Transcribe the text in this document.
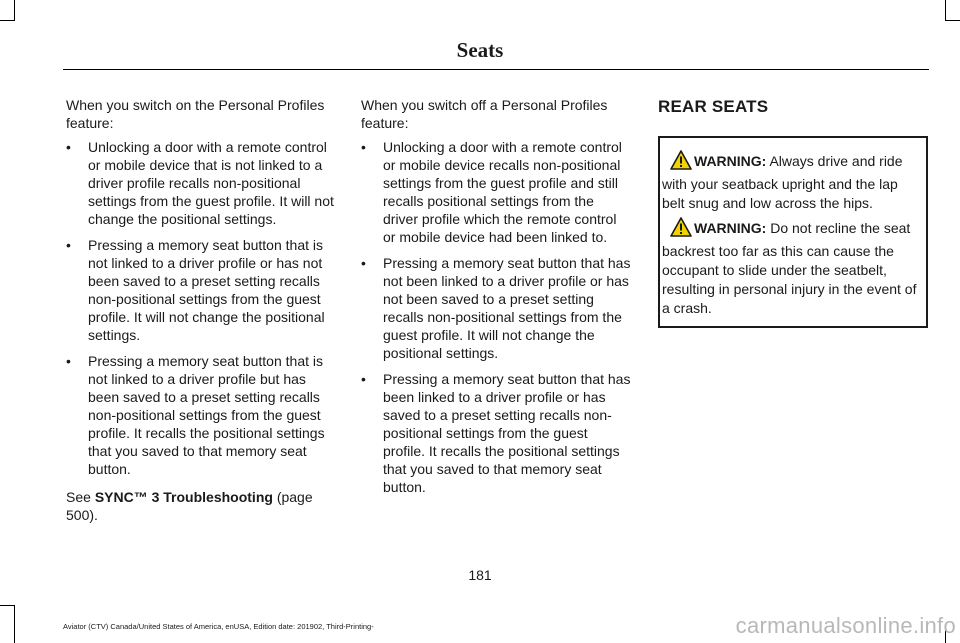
Seats

When you switch on the Personal Profiles feature:

• Unlocking a door with a remote control or mobile device that is not linked to a driver profile recalls non-positional settings from the guest profile. It will not change the positional settings.
• Pressing a memory seat button that is not linked to a driver profile or has not been saved to a preset setting recalls non-positional settings from the guest profile. It will not change the positional settings.
• Pressing a memory seat button that is not linked to a driver profile but has been saved to a preset setting recalls non-positional settings from the guest profile. It recalls the positional settings that you saved to that memory seat button.

See SYNC™ 3 Troubleshooting (page 500).

When you switch off a Personal Profiles feature:

• Unlocking a door with a remote control or mobile device recalls non-positional settings from the guest profile and still recalls positional settings from the driver profile which the remote control or mobile device had been linked to.
• Pressing a memory seat button that has not been linked to a driver profile or has not been saved to a preset setting recalls non-positional settings from the guest profile. It will not change the positional settings.
• Pressing a memory seat button that has been linked to a driver profile or has saved to a preset setting recalls non-positional settings from the guest profile. It recalls the positional settings that you saved to that memory seat button.
REAR SEATS

WARNING: Always drive and ride with your seatback upright and the lap belt snug and low across the hips.

WARNING: Do not recline the seat backrest too far as this can cause the occupant to slide under the seatbelt, resulting in personal injury in the event of a crash.

181
Aviator (CTV) Canada/United States of America, enUSA, Edition date: 201902, Third-Printing-	carmanualsonline.info
